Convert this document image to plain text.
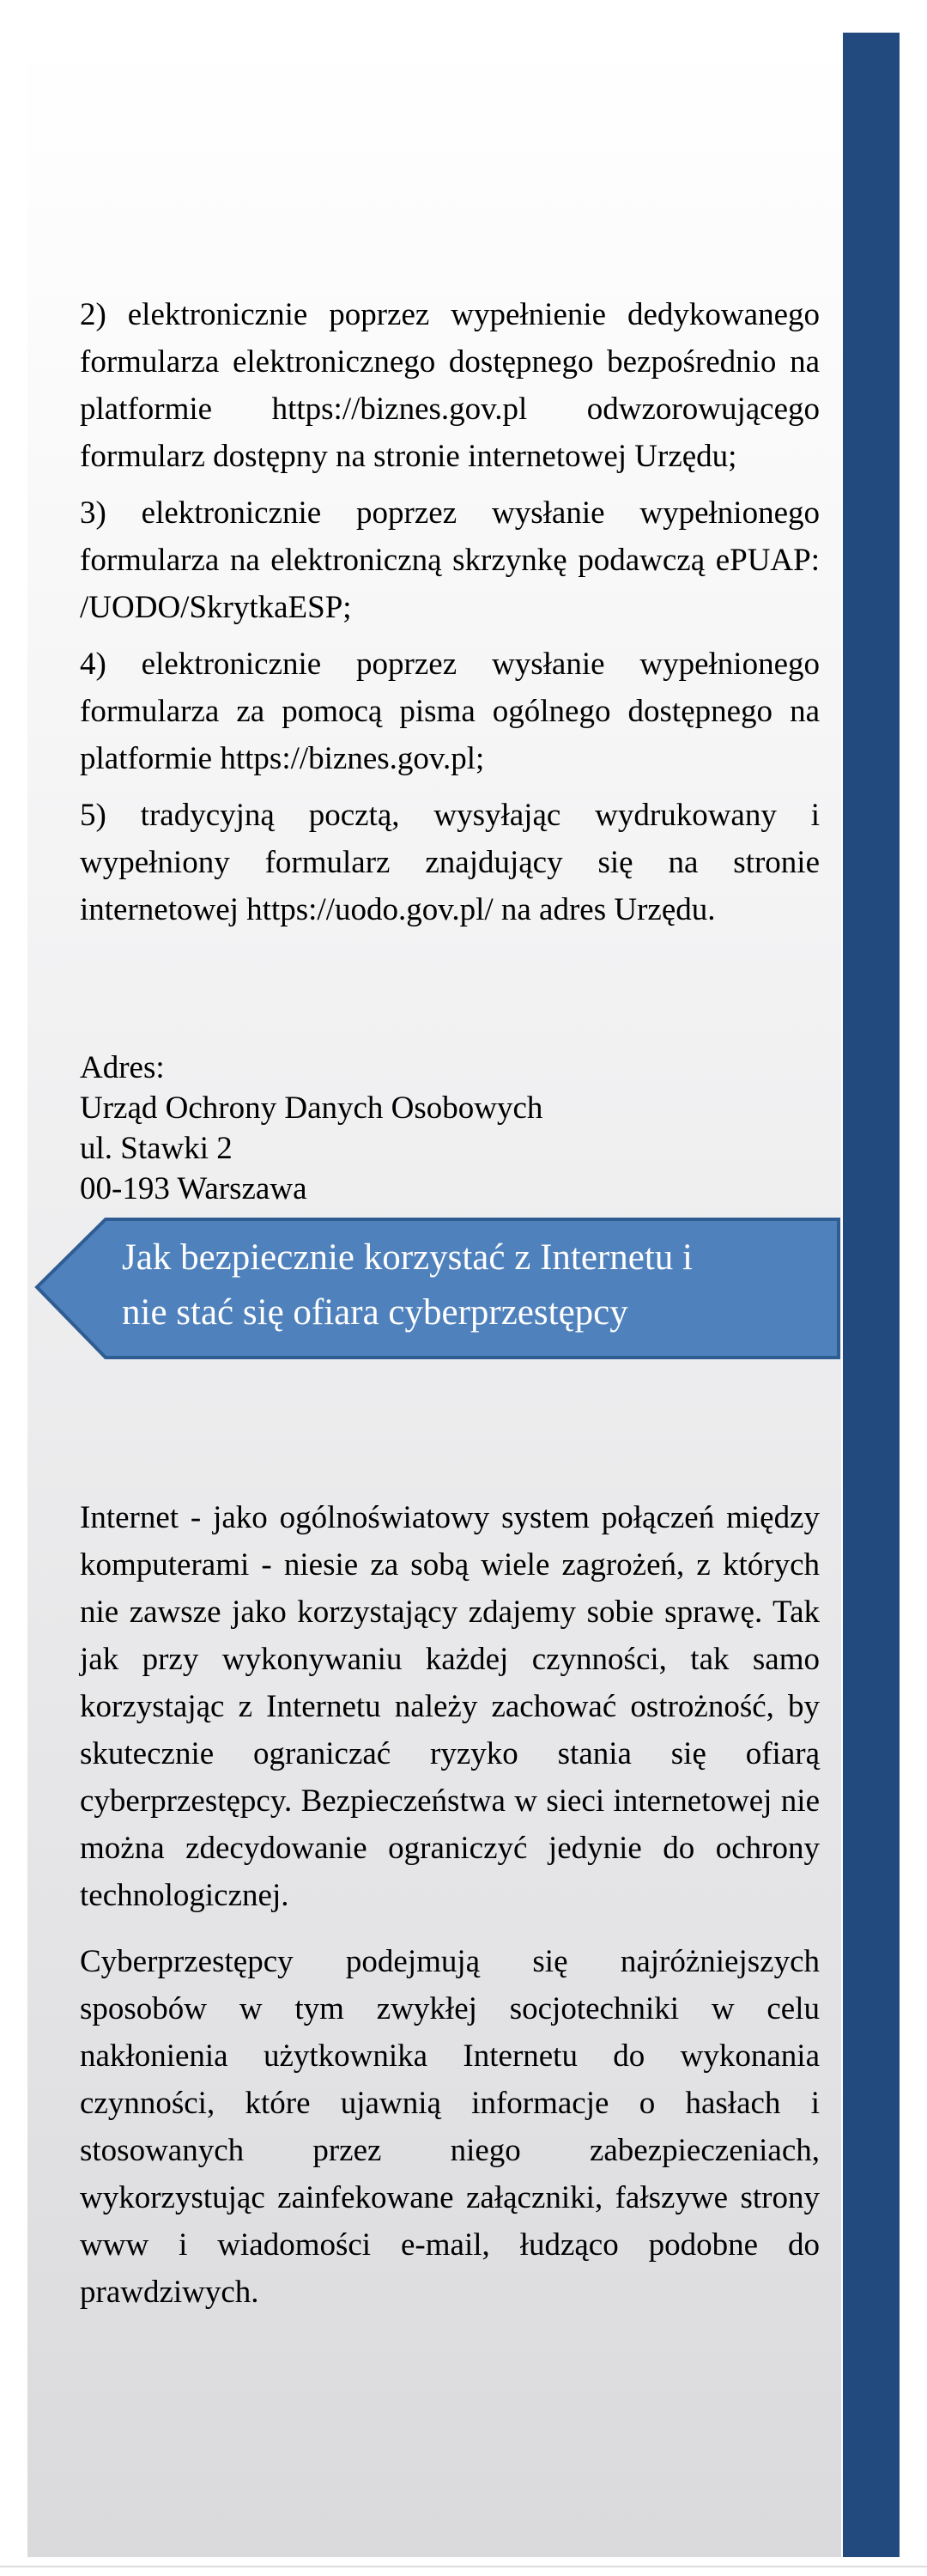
2) elektronicznie poprzez wypełnienie dedykowanego formularza elektronicznego dostępnego bezpośrednio na platformie https://biznes.gov.pl odwzorowującego formularz dostępny na stronie internetowej Urzędu;

3) elektronicznie poprzez wysłanie wypełnionego formularza na elektroniczną skrzynkę podawczą ePUAP: /UODO/SkrytkaESP;

4) elektronicznie poprzez wysłanie wypełnionego formularza za pomocą pisma ogólnego dostępnego na platformie https://biznes.gov.pl;

5) tradycyjną pocztą, wysyłając wydrukowany i wypełniony formularz znajdujący się na stronie internetowej https://uodo.gov.pl/ na adres Urzędu.

Adres:
Urząd Ochrony Danych Osobowych
ul. Stawki 2
00-193 Warszawa
Jak bezpiecznie korzystać z Internetu i
nie stać się ofiara cyberprzestępcy

Internet - jako ogólnoświatowy system połączeń między komputerami - niesie za sobą wiele zagrożeń, z których nie zawsze jako korzystający zdajemy sobie sprawę. Tak jak przy wykonywaniu każdej czynności, tak samo korzystając z Internetu należy zachować ostrożność, by skutecznie ograniczać ryzyko stania się ofiarą cyberprzestępcy. Bezpieczeństwa w sieci internetowej nie można zdecydowanie ograniczyć jedynie do ochrony technologicznej.

Cyberprzestępcy podejmują się najróżniejszych sposobów w tym zwykłej socjotechniki w celu nakłonienia użytkownika Internetu do wykonania czynności, które ujawnią informacje o hasłach i stosowanych przez niego zabezpieczeniach, wykorzystując zainfekowane załączniki, fałszywe strony www i wiadomości e-mail, łudząco podobne do prawdziwych.
